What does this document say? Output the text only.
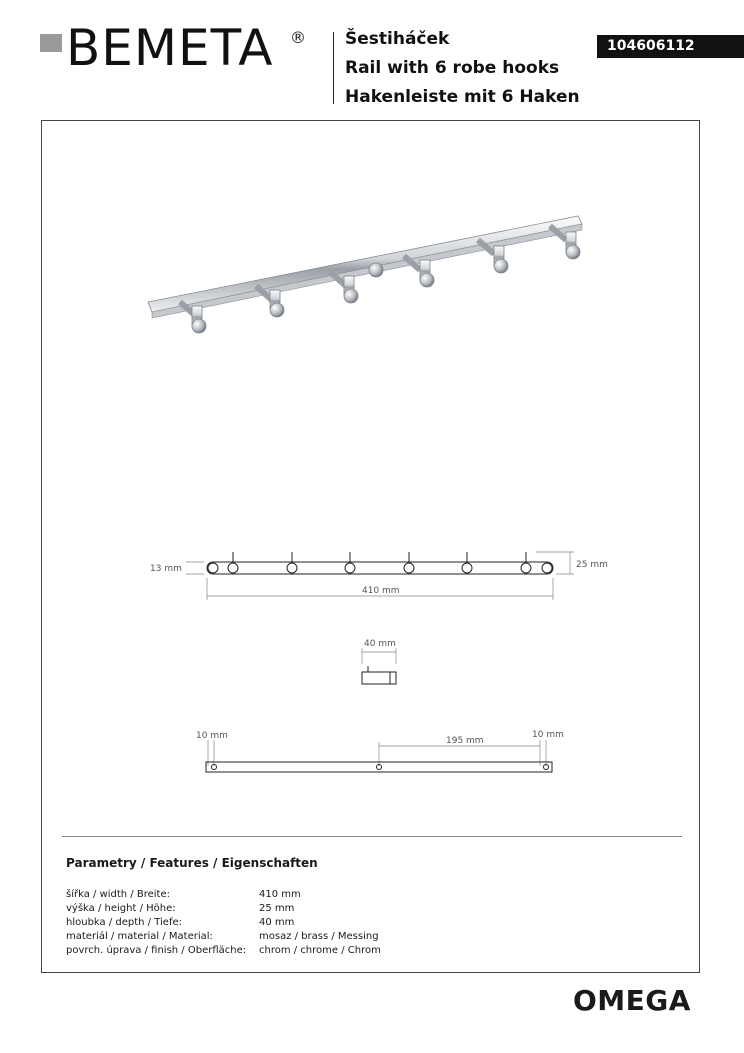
BEMETA ® Šestiháček
Rail with 6 robe hooks
Hakenleiste mit 6 Haken
104606112
13 mm	25 mm
410 mm
40 mm
10 mm	195 mm
10 mm
Parametry / Features / Eigenschaften
šířka / width / Breite:	410 mm
výška / height / Höhe:	25 mm
hloubka / depth / Tiefe:	40 mm
materiál / material / Material:	mosaz / brass / Messing
povrch. úprava / finish / Oberfläche: chrom / chrome / Chrom
OMEGA
